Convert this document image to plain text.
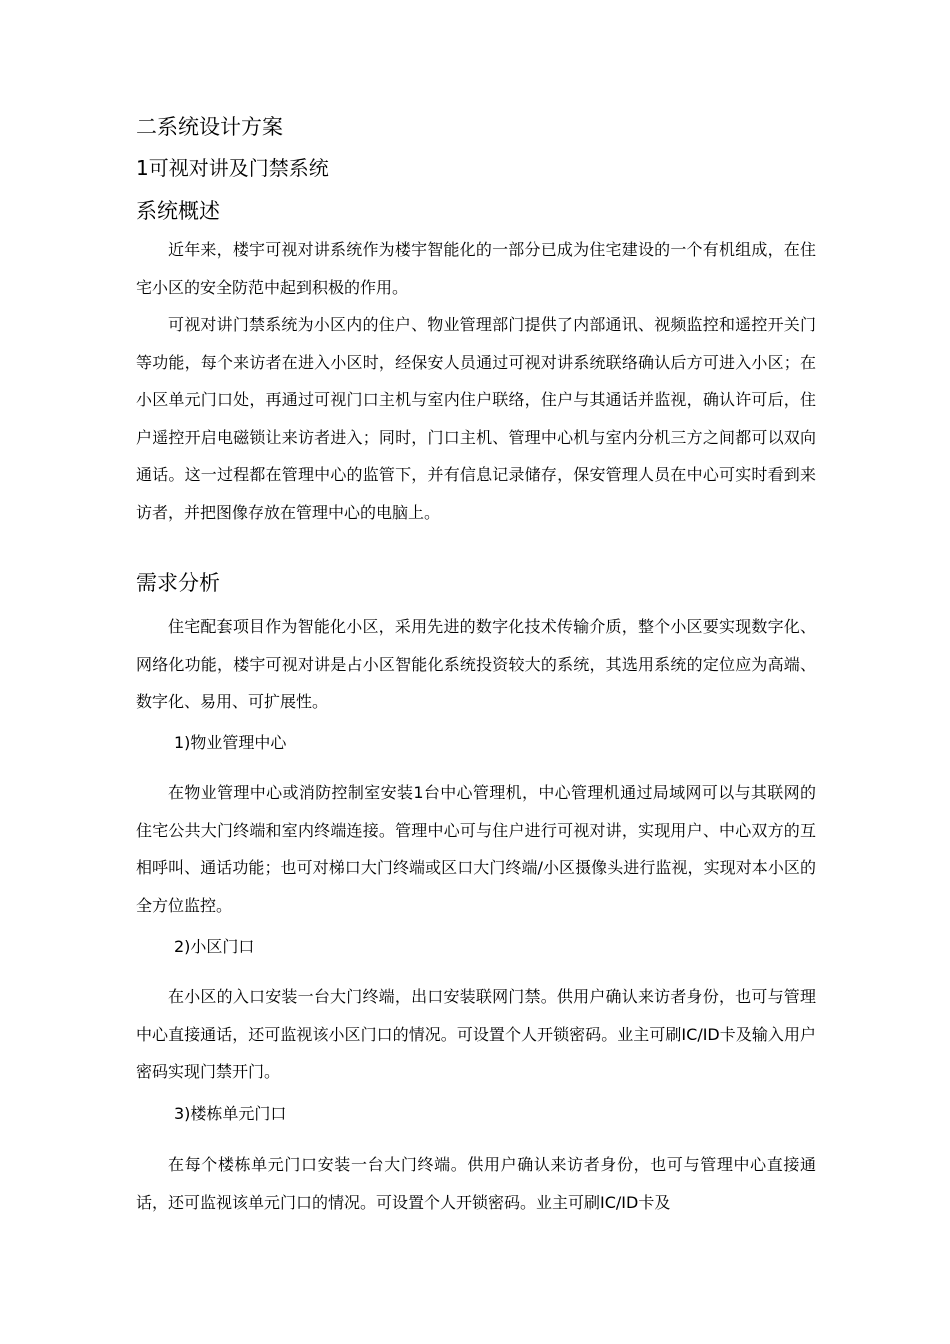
二系统设计方案
1可视对讲及门禁系统
系统概述

近年来，楼宇可视对讲系统作为楼宇智能化的一部分已成为住宅建设的一个有机组成，在住宅小区的安全防范中起到积极的作用。

可视对讲门禁系统为小区内的住户、物业管理部门提供了内部通讯、视频监控和遥控开关门等功能，每个来访者在进入小区时，经保安人员通过可视对讲系统联络确认后方可进入小区；在小区单元门口处，再通过可视门口主机与室内住户联络，住户与其通话并监视，确认许可后，住户遥控开启电磁锁让来访者进入；同时，门口主机、管理中心机与室内分机三方之间都可以双向通话。这一过程都在管理中心的监管下，并有信息记录储存，保安管理人员在中心可实时看到来访者，并把图像存放在管理中心的电脑上。

需求分析

住宅配套项目作为智能化小区，采用先进的数字化技术传输介质，整个小区要实现数字化、网络化功能，楼宇可视对讲是占小区智能化系统投资较大的系统，其选用系统的定位应为高端、数字化、易用、可扩展性。

1)物业管理中心

在物业管理中心或消防控制室安装1台中心管理机，中心管理机通过局域网可以与其联网的住宅公共大门终端和室内终端连接。管理中心可与住户进行可视对讲，实现用户、中心双方的互相呼叫、通话功能；也可对梯口大门终端或区口大门终端/小区摄像头进行监视，实现对本小区的全方位监控。

2)小区门口

在小区的入口安装一台大门终端，出口安装联网门禁。供用户确认来访者身份，也可与管理中心直接通话，还可监视该小区门口的情况。可设置个人开锁密码。业主可刷IC/ID卡及输入用户密码实现门禁开门。

3)楼栋单元门口

在每个楼栋单元门口安装一台大门终端。供用户确认来访者身份，也可与管理中心直接通话，还可监视该单元门口的情况。可设置个人开锁密码。业主可刷IC/ID卡及
